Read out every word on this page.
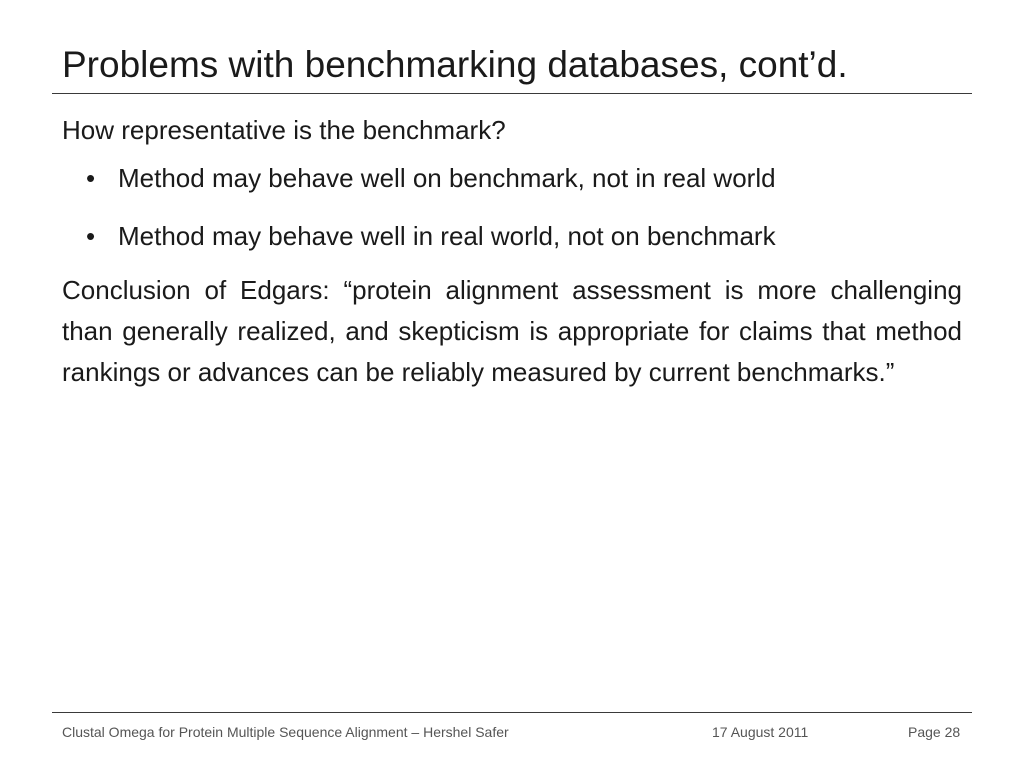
Problems with benchmarking databases, cont’d.

How representative is the benchmark?

• Method may behave well on benchmark, not in real world
• Method may behave well in real world, not on benchmark

Conclusion of Edgars: “protein alignment assessment is more challenging than generally realized, and skepticism is appropriate for claims that method rankings or advances can be reliably measured by current benchmarks.”

Clustal Omega for Protein Multiple Sequence Alignment – Hershel Safer	17 August 2011	Page 28
